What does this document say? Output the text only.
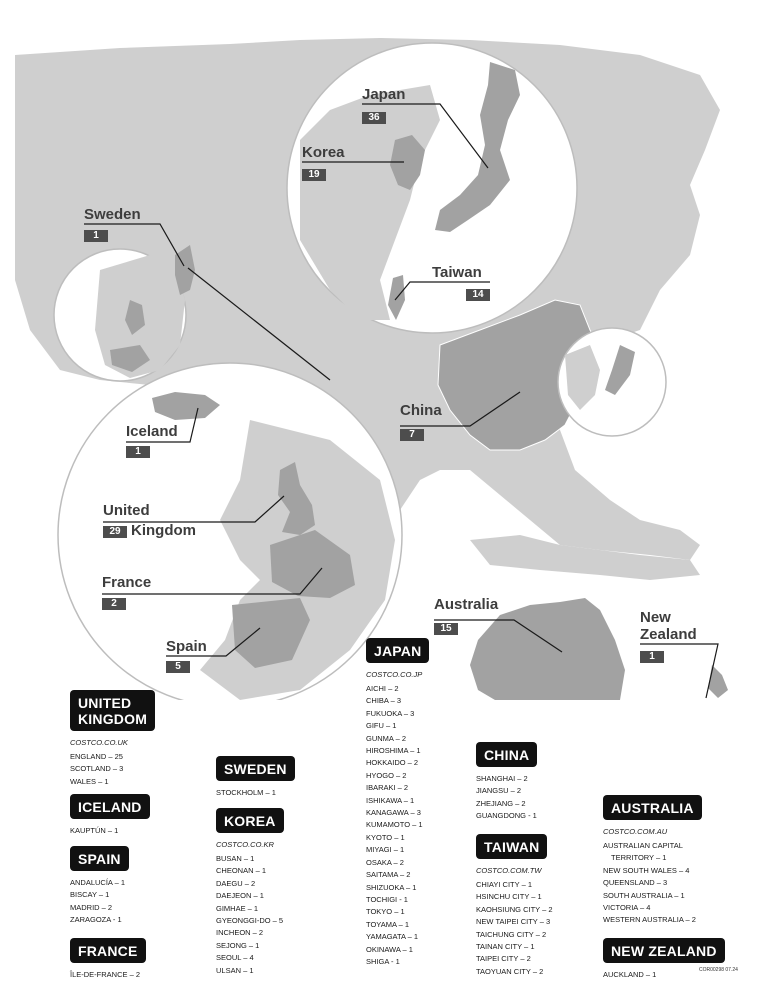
Japan
36
Korea
19
Sweden
1
Taiwan
14
China
7
Iceland
1
United
29 Kingdom
France
2
Spain
5
Australia
15
New
Zealand
1
UNITED
KINGDOM
COSTCO.CO.UK
ENGLAND – 25
SCOTLAND – 3
WALES – 1
ICELAND
KAUPTÚN – 1
SPAIN
ANDALUCÍA – 1
BISCAY – 1
MADRID – 2
ZARAGOZA - 1
FRANCE
ÎLE-DE-FRANCE – 2
SWEDEN
STOCKHOLM – 1
KOREA
COSTCO.CO.KR
BUSAN – 1
CHEONAN – 1
DAEGU – 2
DAEJEON – 1
GIMHAE – 1
GYEONGGI-DO – 5
INCHEON – 2
SEJONG – 1
SEOUL – 4
ULSAN – 1
JAPAN
COSTCO.CO.JP
AICHI – 2
CHIBA – 3
FUKUOKA – 3
GIFU – 1
GUNMA – 2
HIROSHIMA – 1
HOKKAIDO – 2
HYOGO – 2
IBARAKI – 2
ISHIKAWA – 1
KANAGAWA – 3
KUMAMOTO – 1
KYOTO – 1
MIYAGI – 1
OSAKA – 2
SAITAMA – 2
SHIZUOKA – 1
TOCHIGI - 1
TOKYO – 1
TOYAMA – 1
YAMAGATA – 1
OKINAWA – 1
SHIGA - 1
CHINA
SHANGHAI – 2
JIANGSU – 2
ZHEJIANG – 2
GUANGDONG - 1
TAIWAN
COSTCO.COM.TW
CHIAYI CITY – 1
HSINCHU CITY – 1
KAOHSIUNG CITY – 2
NEW TAIPEI CITY – 3
TAICHUNG CITY – 2
TAINAN CITY – 1
TAIPEI CITY – 2
TAOYUAN CITY – 2
AUSTRALIA
COSTCO.COM.AU
AUSTRALIAN CAPITAL
TERRITORY – 1
NEW SOUTH WALES – 4
QUEENSLAND – 3
SOUTH AUSTRALIA – 1
VICTORIA – 4
WESTERN AUSTRALIA – 2
NEW ZEALAND
AUCKLAND – 1	COR00298 07.24
